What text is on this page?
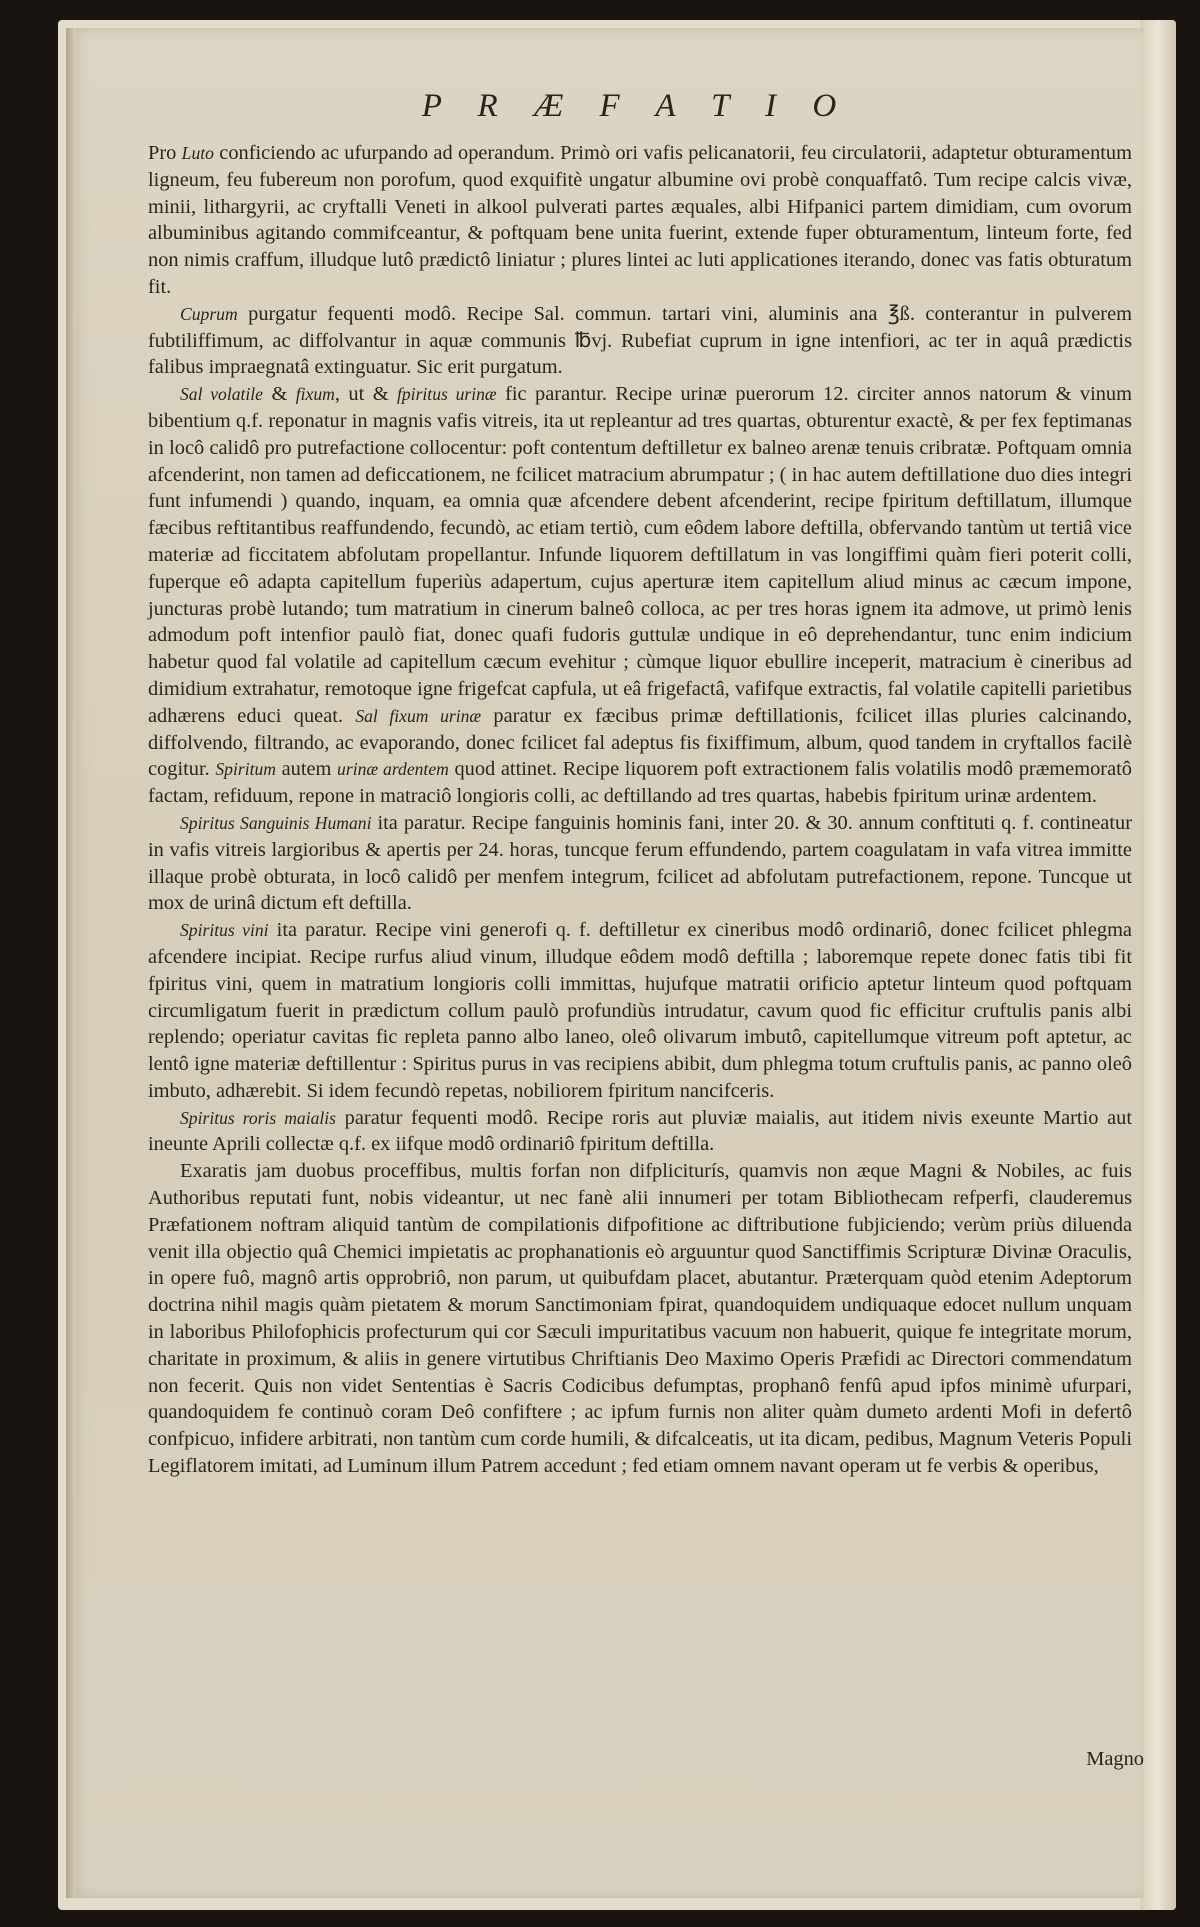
P R Æ F A T I O

Pro Luto conficiendo ac ufurpando ad operandum. Primò ori vafis pelicanatorii, feu circulatorii, adaptetur obturamentum ligneum, feu fubereum non porofum, quod exquifitè ungatur albumine ovi probè conquaffatô. Tum recipe calcis vivæ, minii, lithargyrii, ac cryftalli Veneti in alkool pulverati partes æquales, albi Hifpanici partem dimidiam, cum ovorum albuminibus agitando commifceantur, & poftquam bene unita fuerint, extende fuper obturamentum, linteum forte, fed non nimis craffum, illudque lutô prædictô liniatur ; plures lintei ac luti applicationes iterando, donec vas fatis obturatum fit.

Cuprum purgatur fequenti modô. Recipe Sal. commun. tartari vini, aluminis ana ℥ß. conterantur in pulverem fubtiliffimum, ac diffolvantur in aquæ communis ℔vj. Rubefiat cuprum in igne intenfiori, ac ter in aquâ prædictis falibus impraegnatâ extinguatur. Sic erit purgatum.

Sal volatile & fixum, ut & fpiritus urinæ fic parantur. Recipe urinæ puerorum 12. circiter annos natorum & vinum bibentium q.f. reponatur in magnis vafis vitreis, ita ut repleantur ad tres quartas, obturentur exactè, & per fex feptimanas in locô calidô pro putrefactione collocentur: poft contentum deftilletur ex balneo arenæ tenuis cribratæ. Poftquam omnia afcenderint, non tamen ad deficcationem, ne fcilicet matracium abrumpatur ; ( in hac autem deftillatione duo dies integri funt infumendi ) quando, inquam, ea omnia quæ afcendere debent afcenderint, recipe fpiritum deftillatum, illumque fæcibus reftitantibus reaffundendo, fecundò, ac etiam tertiò, cum eôdem labore deftilla, obfervando tantùm ut tertiâ vice materiæ ad ficcitatem abfolutam propellantur. Infunde liquorem deftillatum in vas longiffimi quàm fieri poterit colli, fuperque eô adapta capitellum fuperiùs adapertum, cujus aperturæ item capitellum aliud minus ac cæcum impone, juncturas probè lutando; tum matratium in cinerum balneô colloca, ac per tres horas ignem ita admove, ut primò lenis admodum poft intenfior paulò fiat, donec quafi fudoris guttulæ undique in eô deprehendantur, tunc enim indicium habetur quod fal volatile ad capitellum cæcum evehitur ; cùmque liquor ebullire inceperit, matracium è cineribus ad dimidium extrahatur, remotoque igne frigefcat capfula, ut eâ frigefactâ, vafifque extractis, fal volatile capitelli parietibus adhærens educi queat. Sal fixum urinæ paratur ex fæcibus primæ deftillationis, fcilicet illas pluries calcinando, diffolvendo, filtrando, ac evaporando, donec fcilicet fal adeptus fis fixiffimum, album, quod tandem in cryftallos facilè cogitur. Spiritum autem urinæ ardentem quod attinet. Recipe liquorem poft extractionem falis volatilis modô præmemoratô factam, refiduum, repone in matraciô longioris colli, ac deftillando ad tres quartas, habebis fpiritum urinæ ardentem.

Spiritus Sanguinis Humani ita paratur. Recipe fanguinis hominis fani, inter 20. & 30. annum conftituti q. f. contineatur in vafis vitreis largioribus & apertis per 24. horas, tuncque ferum effundendo, partem coagulatam in vafa vitrea immitte illaque probè obturata, in locô calidô per menfem integrum, fcilicet ad abfolutam putrefactionem, repone. Tuncque ut mox de urinâ dictum eft deftilla.

Spiritus vini ita paratur. Recipe vini generofi q. f. deftilletur ex cineribus modô ordinariô, donec fcilicet phlegma afcendere incipiat. Recipe rurfus aliud vinum, illudque eôdem modô deftilla ; laboremque repete donec fatis tibi fit fpiritus vini, quem in matratium longioris colli immittas, hujufque matratii orificio aptetur linteum quod poftquam circumligatum fuerit in prædictum collum paulò profundiùs intrudatur, cavum quod fic efficitur cruftulis panis albi replendo; operiatur cavitas fic repleta panno albo laneo, oleô olivarum imbutô, capitellumque vitreum poft aptetur, ac lentô igne materiæ deftillentur : Spiritus purus in vas recipiens abibit, dum phlegma totum cruftulis panis, ac panno oleô imbuto, adhærebit. Si idem fecundò repetas, nobiliorem fpiritum nancifceris.

Spiritus roris maialis paratur fequenti modô. Recipe roris aut pluviæ maialis, aut itidem nivis exeunte Martio aut ineunte Aprili collectæ q.f. ex iifque modô ordinariô fpiritum deftilla.

Exaratis jam duobus proceffibus, multis forfan non difpliciturís, quamvis non æque Magni & Nobiles, ac fuis Authoribus reputati funt, nobis videantur, ut nec fanè alii innumeri per totam Bibliothecam refperfi, clauderemus Præfationem noftram aliquid tantùm de compilationis difpofitione ac diftributione fubjiciendo; verùm priùs diluenda venit illa objectio quâ Chemici impietatis ac prophanationis eò arguuntur quod Sanctiffimis Scripturæ Divinæ Oraculis, in opere fuô, magnô artis opprobriô, non parum, ut quibufdam placet, abutantur. Præterquam quòd etenim Adeptorum doctrina nihil magis quàm pietatem & morum Sanctimoniam fpirat, quandoquidem undiquaque edocet nullum unquam in laboribus Philofophicis profecturum qui cor Sæculi impuritatibus vacuum non habuerit, quique fe integritate morum, charitate in proximum, & aliis in genere virtutibus Chriftianis Deo Maximo Operis Præfidi ac Directori commendatum non fecerit. Quis non videt Sententias è Sacris Codicibus defumptas, prophanô fenfû apud ipfos minimè ufurpari, quandoquidem fe continuò coram Deô confiftere ; ac ipfum furnis non aliter quàm dumeto ardenti Mofi in defertô confpicuo, infidere arbitrati, non tantùm cum corde humili, & difcalceatis, ut ita dicam, pedibus, Magnum Veteris Populi Legiflatorem imitati, ad Luminum illum Patrem accedunt ; fed etiam omnem navant operam ut fe verbis & operibus,

Magno
